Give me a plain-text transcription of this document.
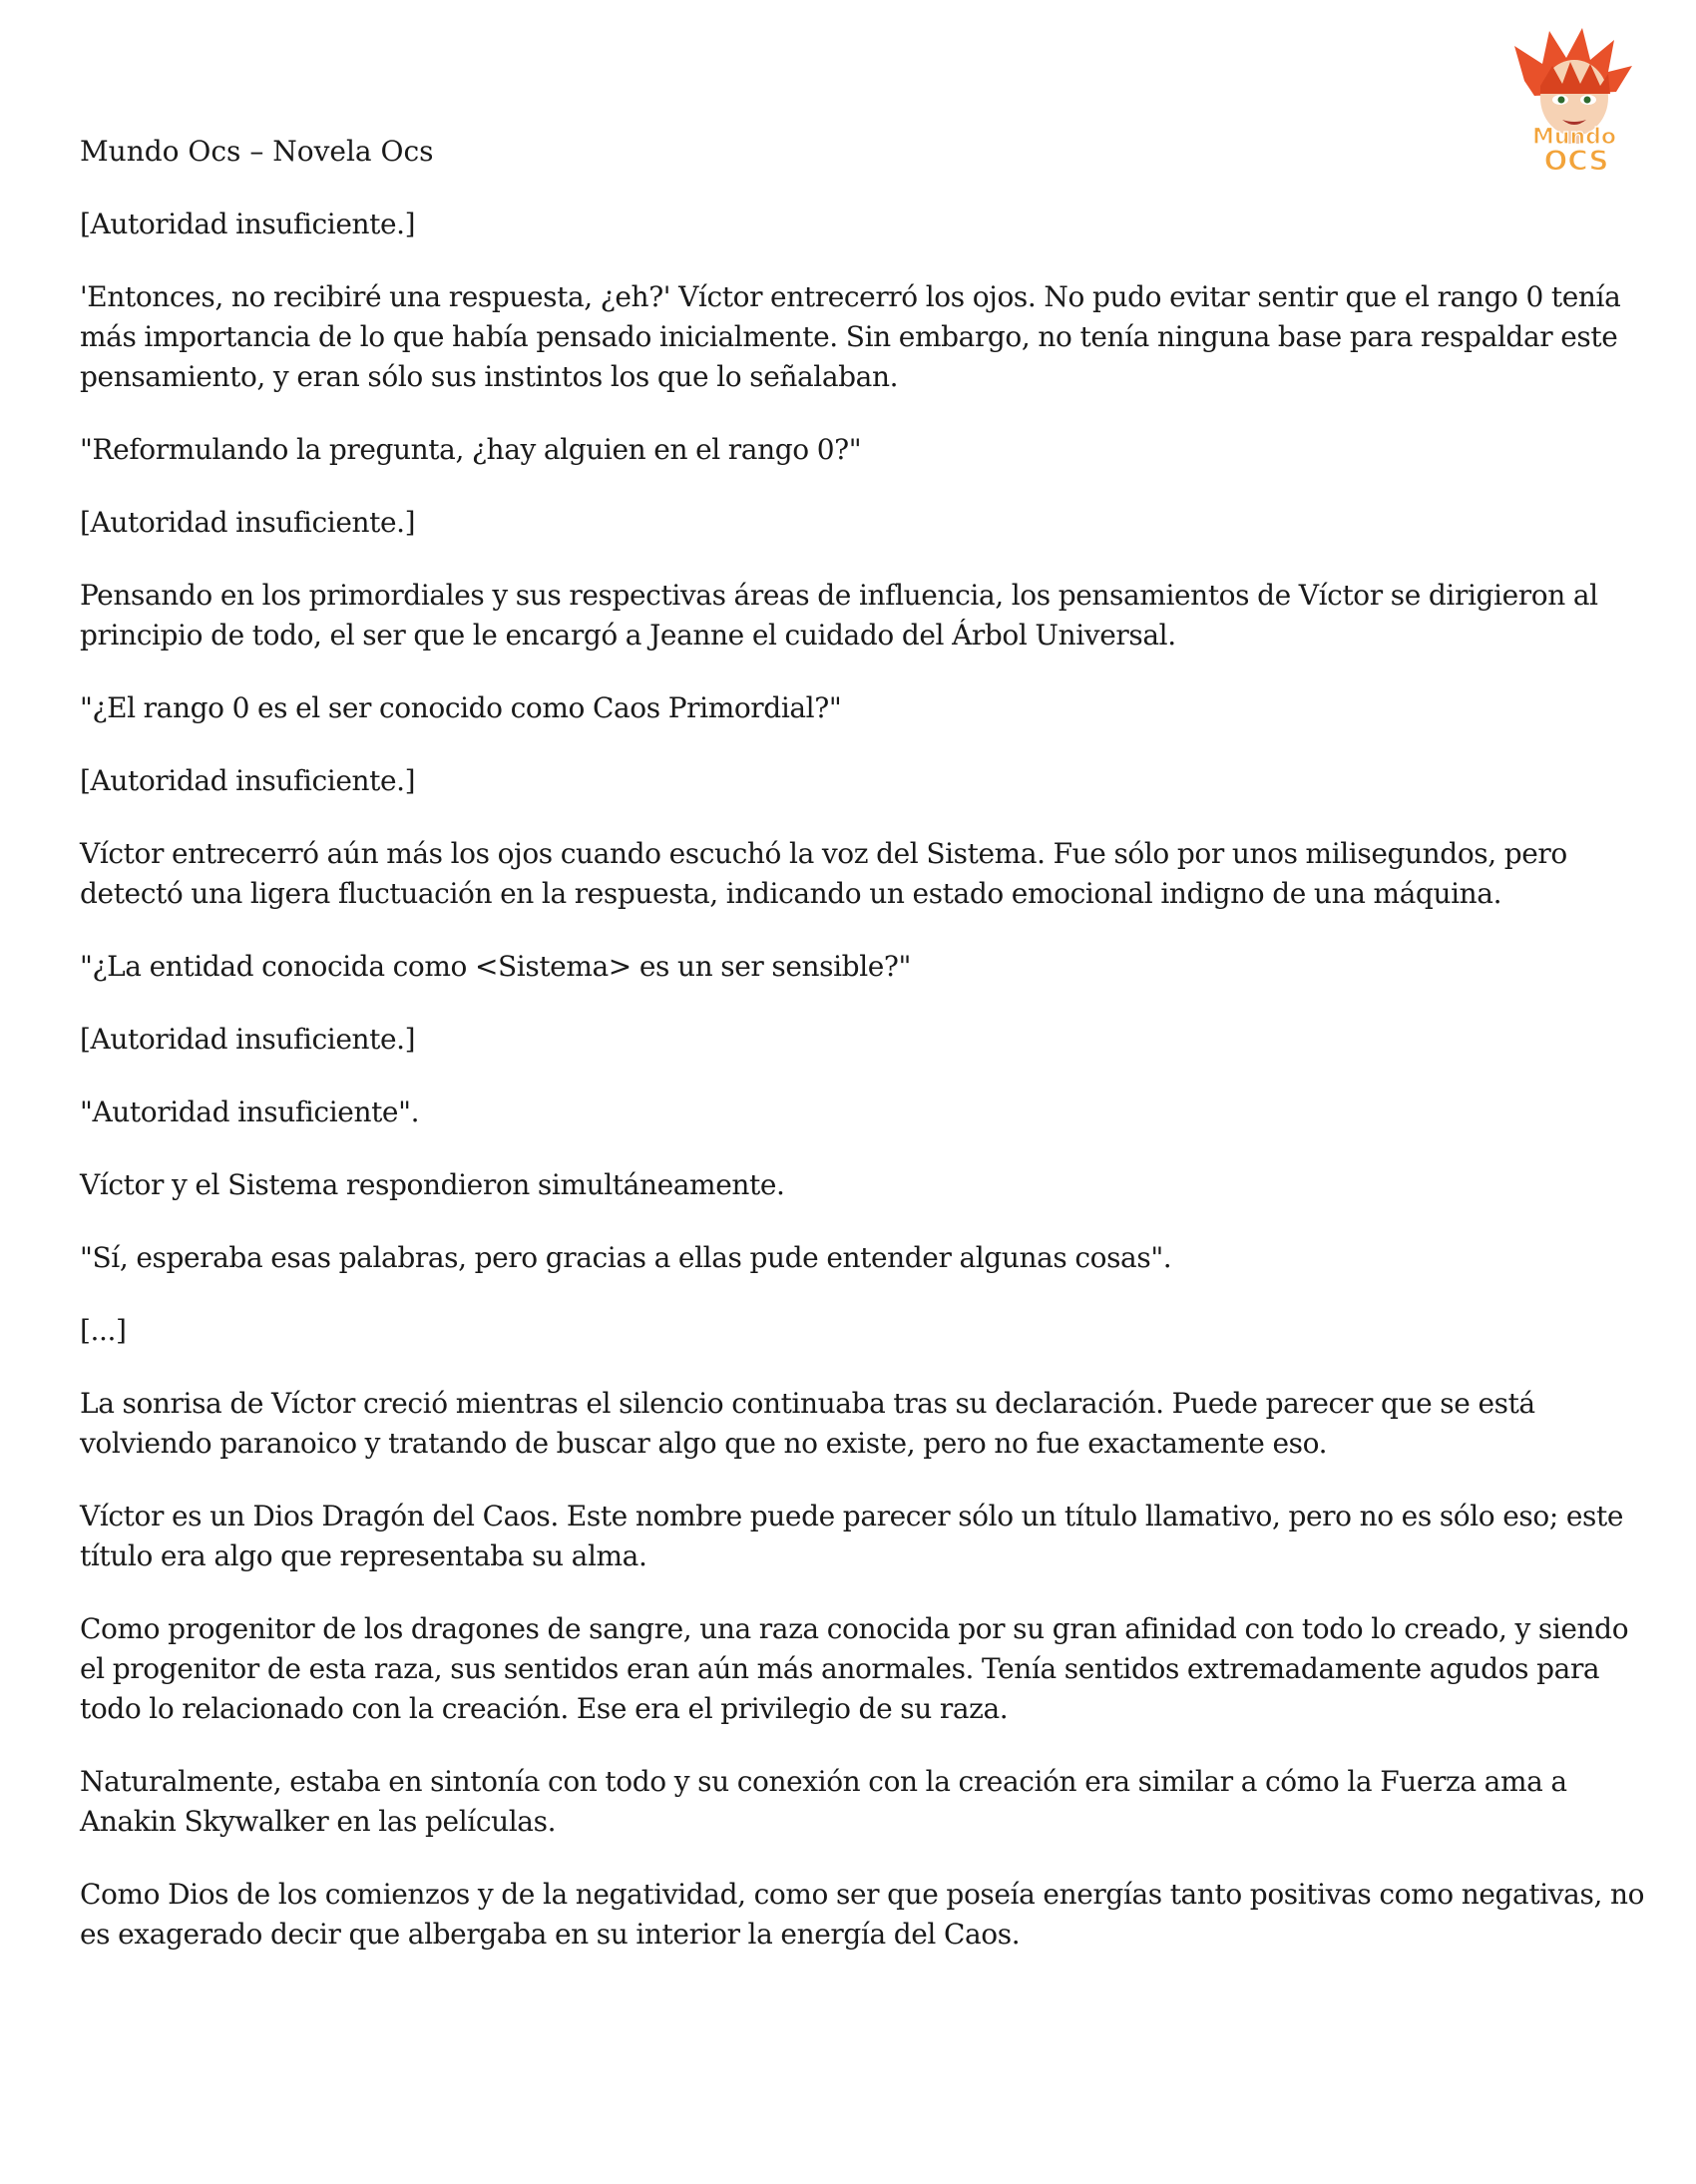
Mundo
OCS

Mundo Ocs – Novela Ocs

[Autoridad insuficiente.]

'Entonces, no recibiré una respuesta, ¿eh?' Víctor entrecerró los ojos. No pudo evitar sentir que el rango 0 tenía más importancia de lo que había pensado inicialmente. Sin embargo, no tenía ninguna base para respaldar este pensamiento, y eran sólo sus instintos los que lo señalaban.

"Reformulando la pregunta, ¿hay alguien en el rango 0?"

[Autoridad insuficiente.]

Pensando en los primordiales y sus respectivas áreas de influencia, los pensamientos de Víctor se dirigieron al principio de todo, el ser que le encargó a Jeanne el cuidado del Árbol Universal.

"¿El rango 0 es el ser conocido como Caos Primordial?"

[Autoridad insuficiente.]

Víctor entrecerró aún más los ojos cuando escuchó la voz del Sistema. Fue sólo por unos milisegundos, pero detectó una ligera fluctuación en la respuesta, indicando un estado emocional indigno de una máquina.

"¿La entidad conocida como <Sistema> es un ser sensible?"

[Autoridad insuficiente.]

"Autoridad insuficiente".

Víctor y el Sistema respondieron simultáneamente.

"Sí, esperaba esas palabras, pero gracias a ellas pude entender algunas cosas".

[...]

La sonrisa de Víctor creció mientras el silencio continuaba tras su declaración. Puede parecer que se está volviendo paranoico y tratando de buscar algo que no existe, pero no fue exactamente eso.

Víctor es un Dios Dragón del Caos. Este nombre puede parecer sólo un título llamativo, pero no es sólo eso; este título era algo que representaba su alma.

Como progenitor de los dragones de sangre, una raza conocida por su gran afinidad con todo lo creado, y siendo el progenitor de esta raza, sus sentidos eran aún más anormales. Tenía sentidos extremadamente agudos para todo lo relacionado con la creación. Ese era el privilegio de su raza.

Naturalmente, estaba en sintonía con todo y su conexión con la creación era similar a cómo la Fuerza ama a Anakin Skywalker en las películas.

Como Dios de los comienzos y de la negatividad, como ser que poseía energías tanto positivas como negativas, no es exagerado decir que albergaba en su interior la energía del Caos.
